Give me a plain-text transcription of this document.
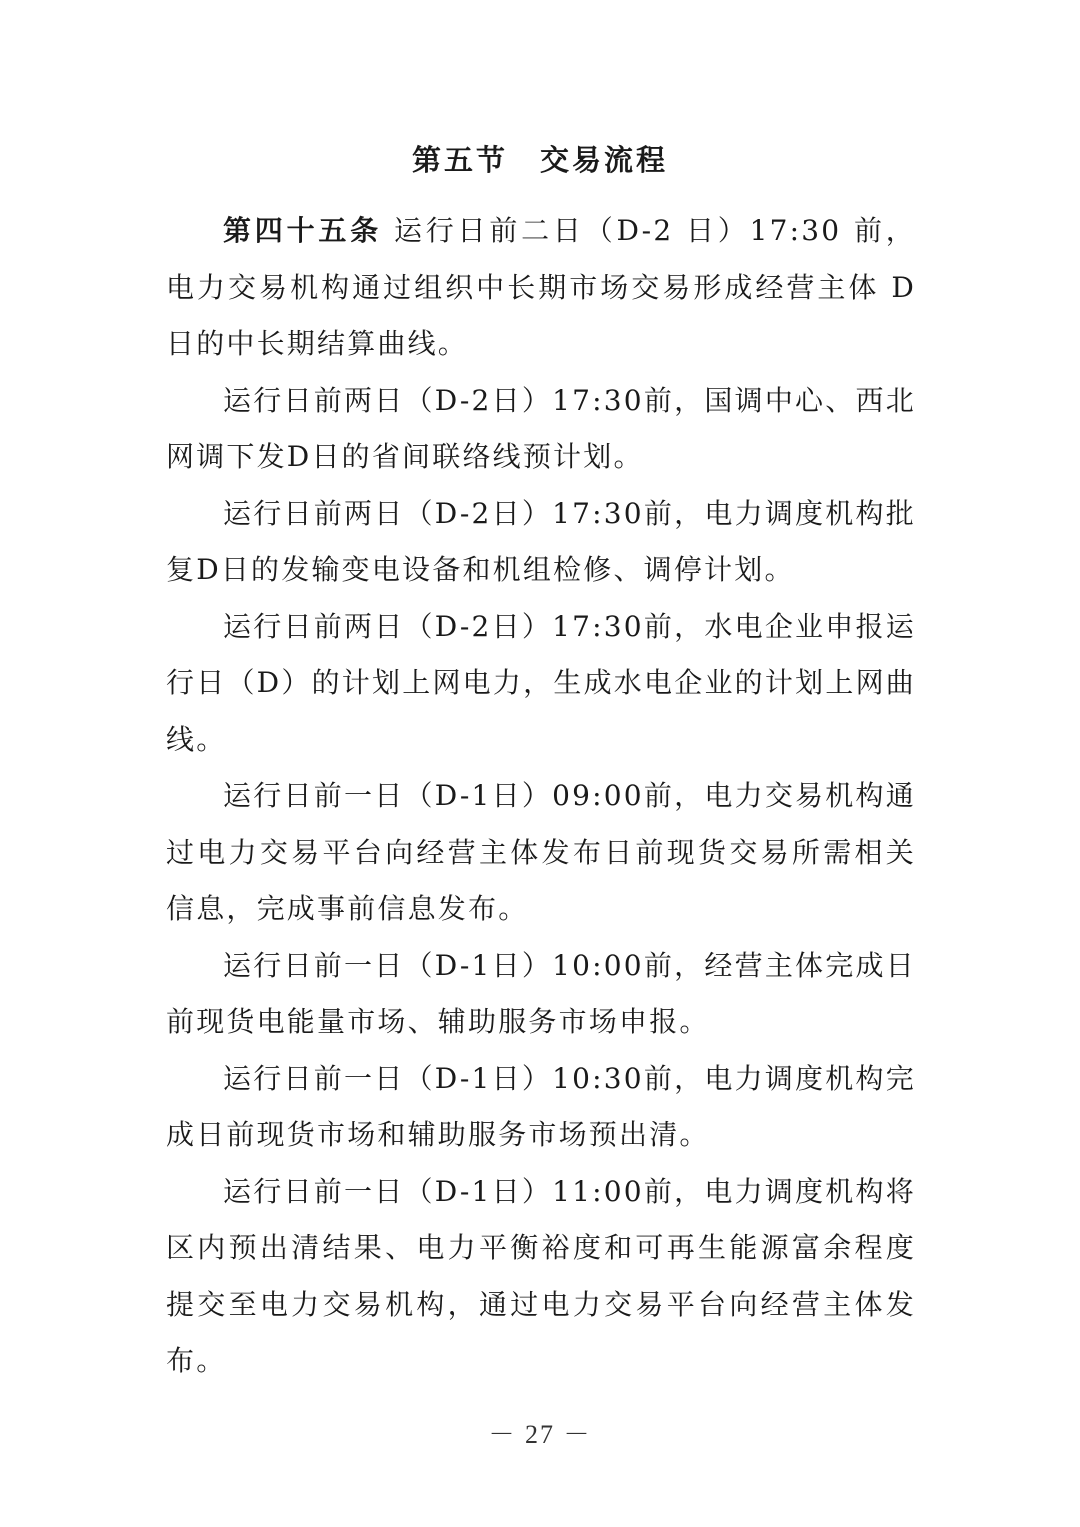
第五节　交易流程

第四十五条 运行日前二日（D-2 日）17:30 前，电力交易机构通过组织中长期市场交易形成经营主体 D 日的中长期结算曲线。

运行日前两日（D-2日）17:30前，国调中心、西北网调下发D日的省间联络线预计划。

运行日前两日（D-2日）17:30前，电力调度机构批复D日的发输变电设备和机组检修、调停计划。

运行日前两日（D-2日）17:30前，水电企业申报运行日（D）的计划上网电力，生成水电企业的计划上网曲线。

运行日前一日（D-1日）09:00前，电力交易机构通过电力交易平台向经营主体发布日前现货交易所需相关信息，完成事前信息发布。

运行日前一日（D-1日）10:00前，经营主体完成日前现货电能量市场、辅助服务市场申报。

运行日前一日（D-1日）10:30前，电力调度机构完成日前现货市场和辅助服务市场预出清。

运行日前一日（D-1日）11:00前，电力调度机构将区内预出清结果、电力平衡裕度和可再生能源富余程度提交至电力交易机构，通过电力交易平台向经营主体发布。

－ 27 －
